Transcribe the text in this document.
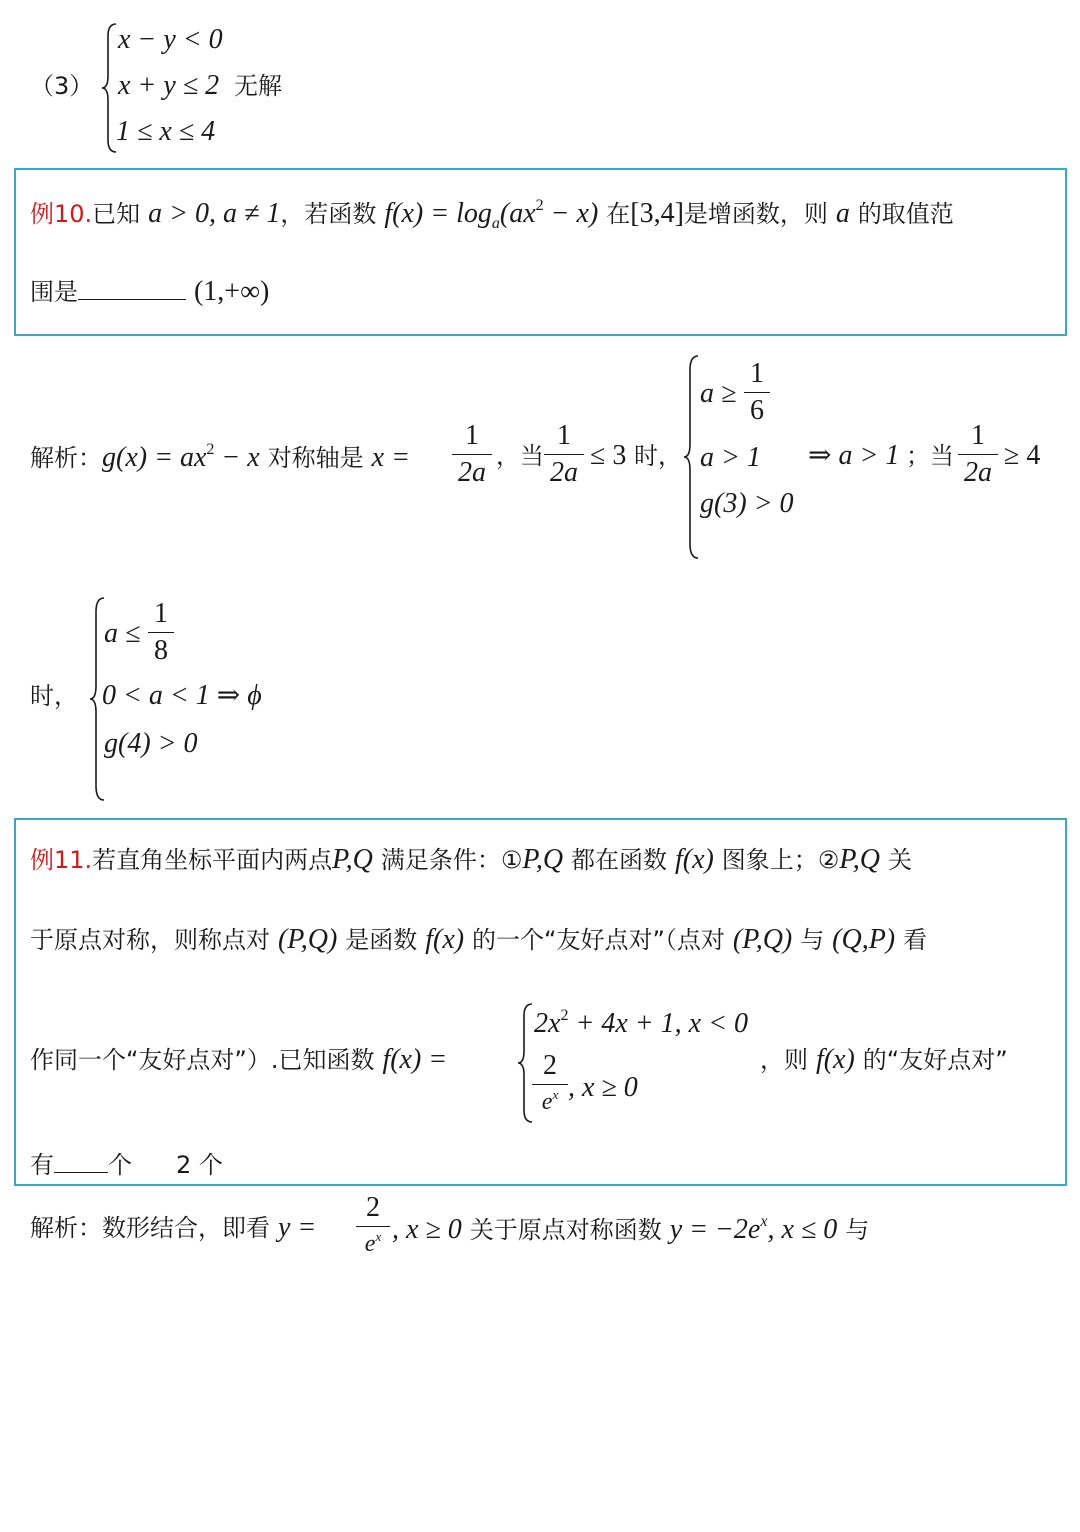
（3）
x − y < 0
x + y ≤ 2 无解
1 ≤ x ≤ 4
例10.已知 a > 0, a ≠ 1，若函数 $f(x) = \log_a(ax^2 - x)$ 在[3,4]是增函数，则 a 的取值范
围是	(1,+∞)
解析：$g(x) = ax^2 - x$ 对称轴是 x =
1
2a
，当
1
2a
≤ 3 时，
a ≥
1
6
a > 1
g(3) > 0
⇒ a > 1 ；当
1
2a
≥ 4
时，
a ≤
1
8
0 < a < 1 ⇒ ϕ
g(4) > 0
例11.若直角坐标平面内两点P,Q 满足条件：①P,Q 都在函数 f(x) 图象上；②P,Q 关
于原点对称，则称点对 (P,Q) 是函数 f(x) 的一个“友好点对”（点对 (P,Q) 与 (Q,P) 看
作同一个“友好点对”）.已知函数 f(x) =
$2x^2 + 4x + 1$, x < 0
2
$e^x$ , x ≥ 0
，则 f(x) 的“友好点对”
有 个 2 个
解析：数形结合，即看 y =
2
$e^x$ , x ≥ 0 关于原点对称函数 $y = -2e^x$, x ≤ 0 与
